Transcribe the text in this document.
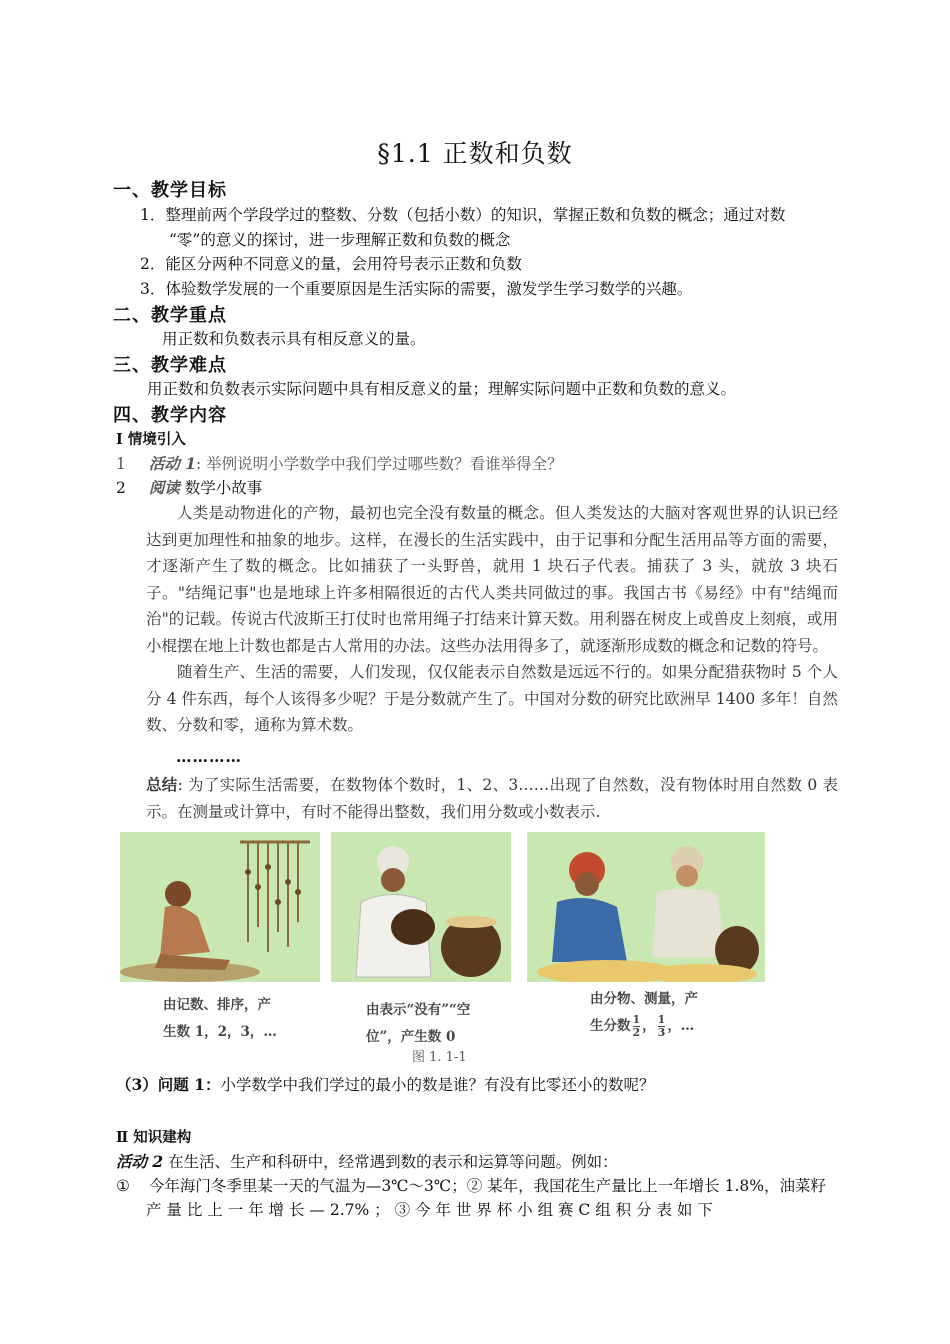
§1.1 正数和负数
一、教学目标
1．整理前两个学段学过的整数、分数（包括小数）的知识，掌握正数和负数的概念；通过对数
“零”的意义的探讨，进一步理解正数和负数的概念
2．能区分两种不同意义的量，会用符号表示正数和负数
3．体验数学发展的一个重要原因是生活实际的需要，激发学生学习数学的兴趣。
二、教学重点
用正数和负数表示具有相反意义的量。
三、教学难点
用正数和负数表示实际问题中具有相反意义的量；理解实际问题中正数和负数的意义。
四、教学内容
Ⅰ 情境引入
1 活动 1: 举例说明小学数学中我们学过哪些数？看谁举得全？
2 阅读 数学小故事

人类是动物进化的产物，最初也完全没有数量的概念。但人类发达的大脑对客观世界的认识已经达到更加理性和抽象的地步。这样，在漫长的生活实践中，由于记事和分配生活用品等方面的需要，才逐渐产生了数的概念。比如捕获了一头野兽，就用 1 块石子代表。捕获了 3 头，就放 3 块石子。"结绳记事"也是地球上许多相隔很近的古代人类共同做过的事。我国古书《易经》中有"结绳而治"的记载。传说古代波斯王打仗时也常用绳子打结来计算天数。用利器在树皮上或兽皮上刻痕，或用小棍摆在地上计数也都是古人常用的办法。这些办法用得多了，就逐渐形成数的概念和记数的符号。

随着生产、生活的需要，人们发现，仅仅能表示自然数是远远不行的。如果分配猎获物时 5 个人分 4 件东西，每个人该得多少呢？于是分数就产生了。中国对分数的研究比欧洲早 1400 多年！自然数、分数和零，通称为算术数。

…………
总结: 为了实际生活需要，在数物体个数时，1、2、3……出现了自然数，没有物体时用自然数 0 表示。在测量或计算中，有时不能得出整数，我们用分数或小数表示.
由记数、排序，产
生数 1，2，3，…
由表示“没有”“空
位”，产生数 0
由分物、测量，产
生分数 $\frac{1}{2}$ ， $\frac{1}{3}$ ，…
图 1. 1-1
（3）问题 1：小学数学中我们学过的最小的数是谁？有没有比零还小的数呢？
Ⅱ 知识建构
活动 2 在生活、生产和科研中，经常遇到数的表示和运算等问题。例如：
① 今年海门冬季里某一天的气温为—3℃～3℃；② 某年，我国花生产量比上一年增长 1.8%，油菜籽
产 量 比 上 一 年 增 长 — 2.7% ； ③ 今 年 世 界 杯 小 组 赛 C 组 积 分 表 如 下
